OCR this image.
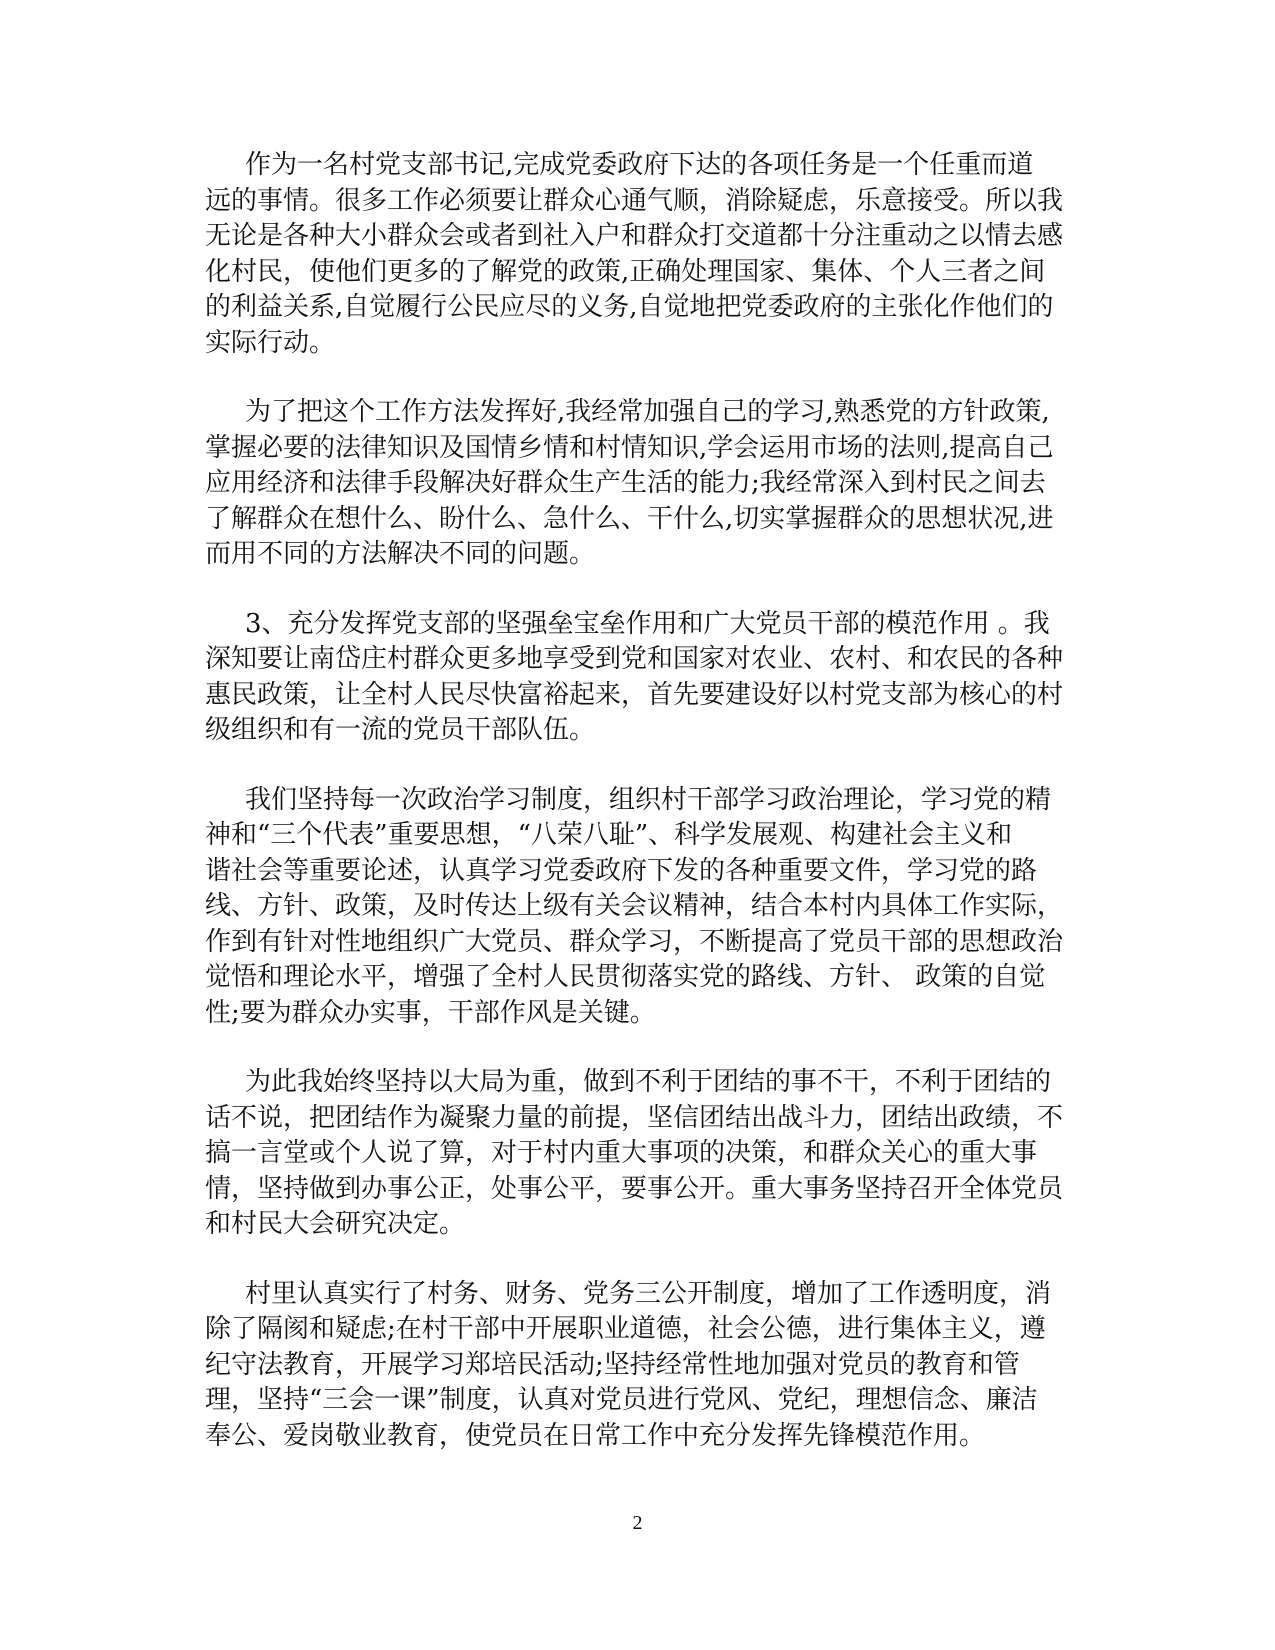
作为一名村党支部书记,完成党委政府下达的各项任务是一个任重而道
远的事情。很多工作必须要让群众心通气顺，消除疑虑，乐意接受。所以我
无论是各种大小群众会或者到社入户和群众打交道都十分注重动之以情去感
化村民，使他们更多的了解党的政策,正确处理国家、集体、个人三者之间
的利益关系,自觉履行公民应尽的义务,自觉地把党委政府的主张化作他们的
实际行动。

为了把这个工作方法发挥好,我经常加强自己的学习,熟悉党的方针政策,
掌握必要的法律知识及国情乡情和村情知识,学会运用市场的法则,提高自己
应用经济和法律手段解决好群众生产生活的能力;我经常深入到村民之间去
了解群众在想什么、盼什么、急什么、干什么,切实掌握群众的思想状况,进
而用不同的方法解决不同的问题。

3、充分发挥党支部的坚强垒宝垒作用和广大党员干部的模范作用 。我
深知要让南岱庄村群众更多地享受到党和国家对农业、农村、和农民的各种
惠民政策，让全村人民尽快富裕起来，首先要建设好以村党支部为核心的村
级组织和有一流的党员干部队伍。

我们坚持每一次政治学习制度，组织村干部学习政治理论，学习党的精
神和“三个代表”重要思想，“八荣八耻”、科学发展观、构建社会主义和
谐社会等重要论述，认真学习党委政府下发的各种重要文件，学习党的路
线、方针、政策，及时传达上级有关会议精神，结合本村内具体工作实际，
作到有针对性地组织广大党员、群众学习，不断提高了党员干部的思想政治
觉悟和理论水平，增强了全村人民贯彻落实党的路线、方针、 政策的自觉
性;要为群众办实事，干部作风是关键。

为此我始终坚持以大局为重，做到不利于团结的事不干，不利于团结的
话不说，把团结作为凝聚力量的前提，坚信团结出战斗力，团结出政绩，不
搞一言堂或个人说了算，对于村内重大事项的决策，和群众关心的重大事
情，坚持做到办事公正，处事公平，要事公开。重大事务坚持召开全体党员
和村民大会研究决定。

村里认真实行了村务、财务、党务三公开制度，增加了工作透明度，消
除了隔阂和疑虑;在村干部中开展职业道德，社会公德，进行集体主义，遵
纪守法教育，开展学习郑培民活动;坚持经常性地加强对党员的教育和管
理，坚持“三会一课”制度，认真对党员进行党风、党纪，理想信念、廉洁
奉公、爱岗敬业教育，使党员在日常工作中充分发挥先锋模范作用。

2
